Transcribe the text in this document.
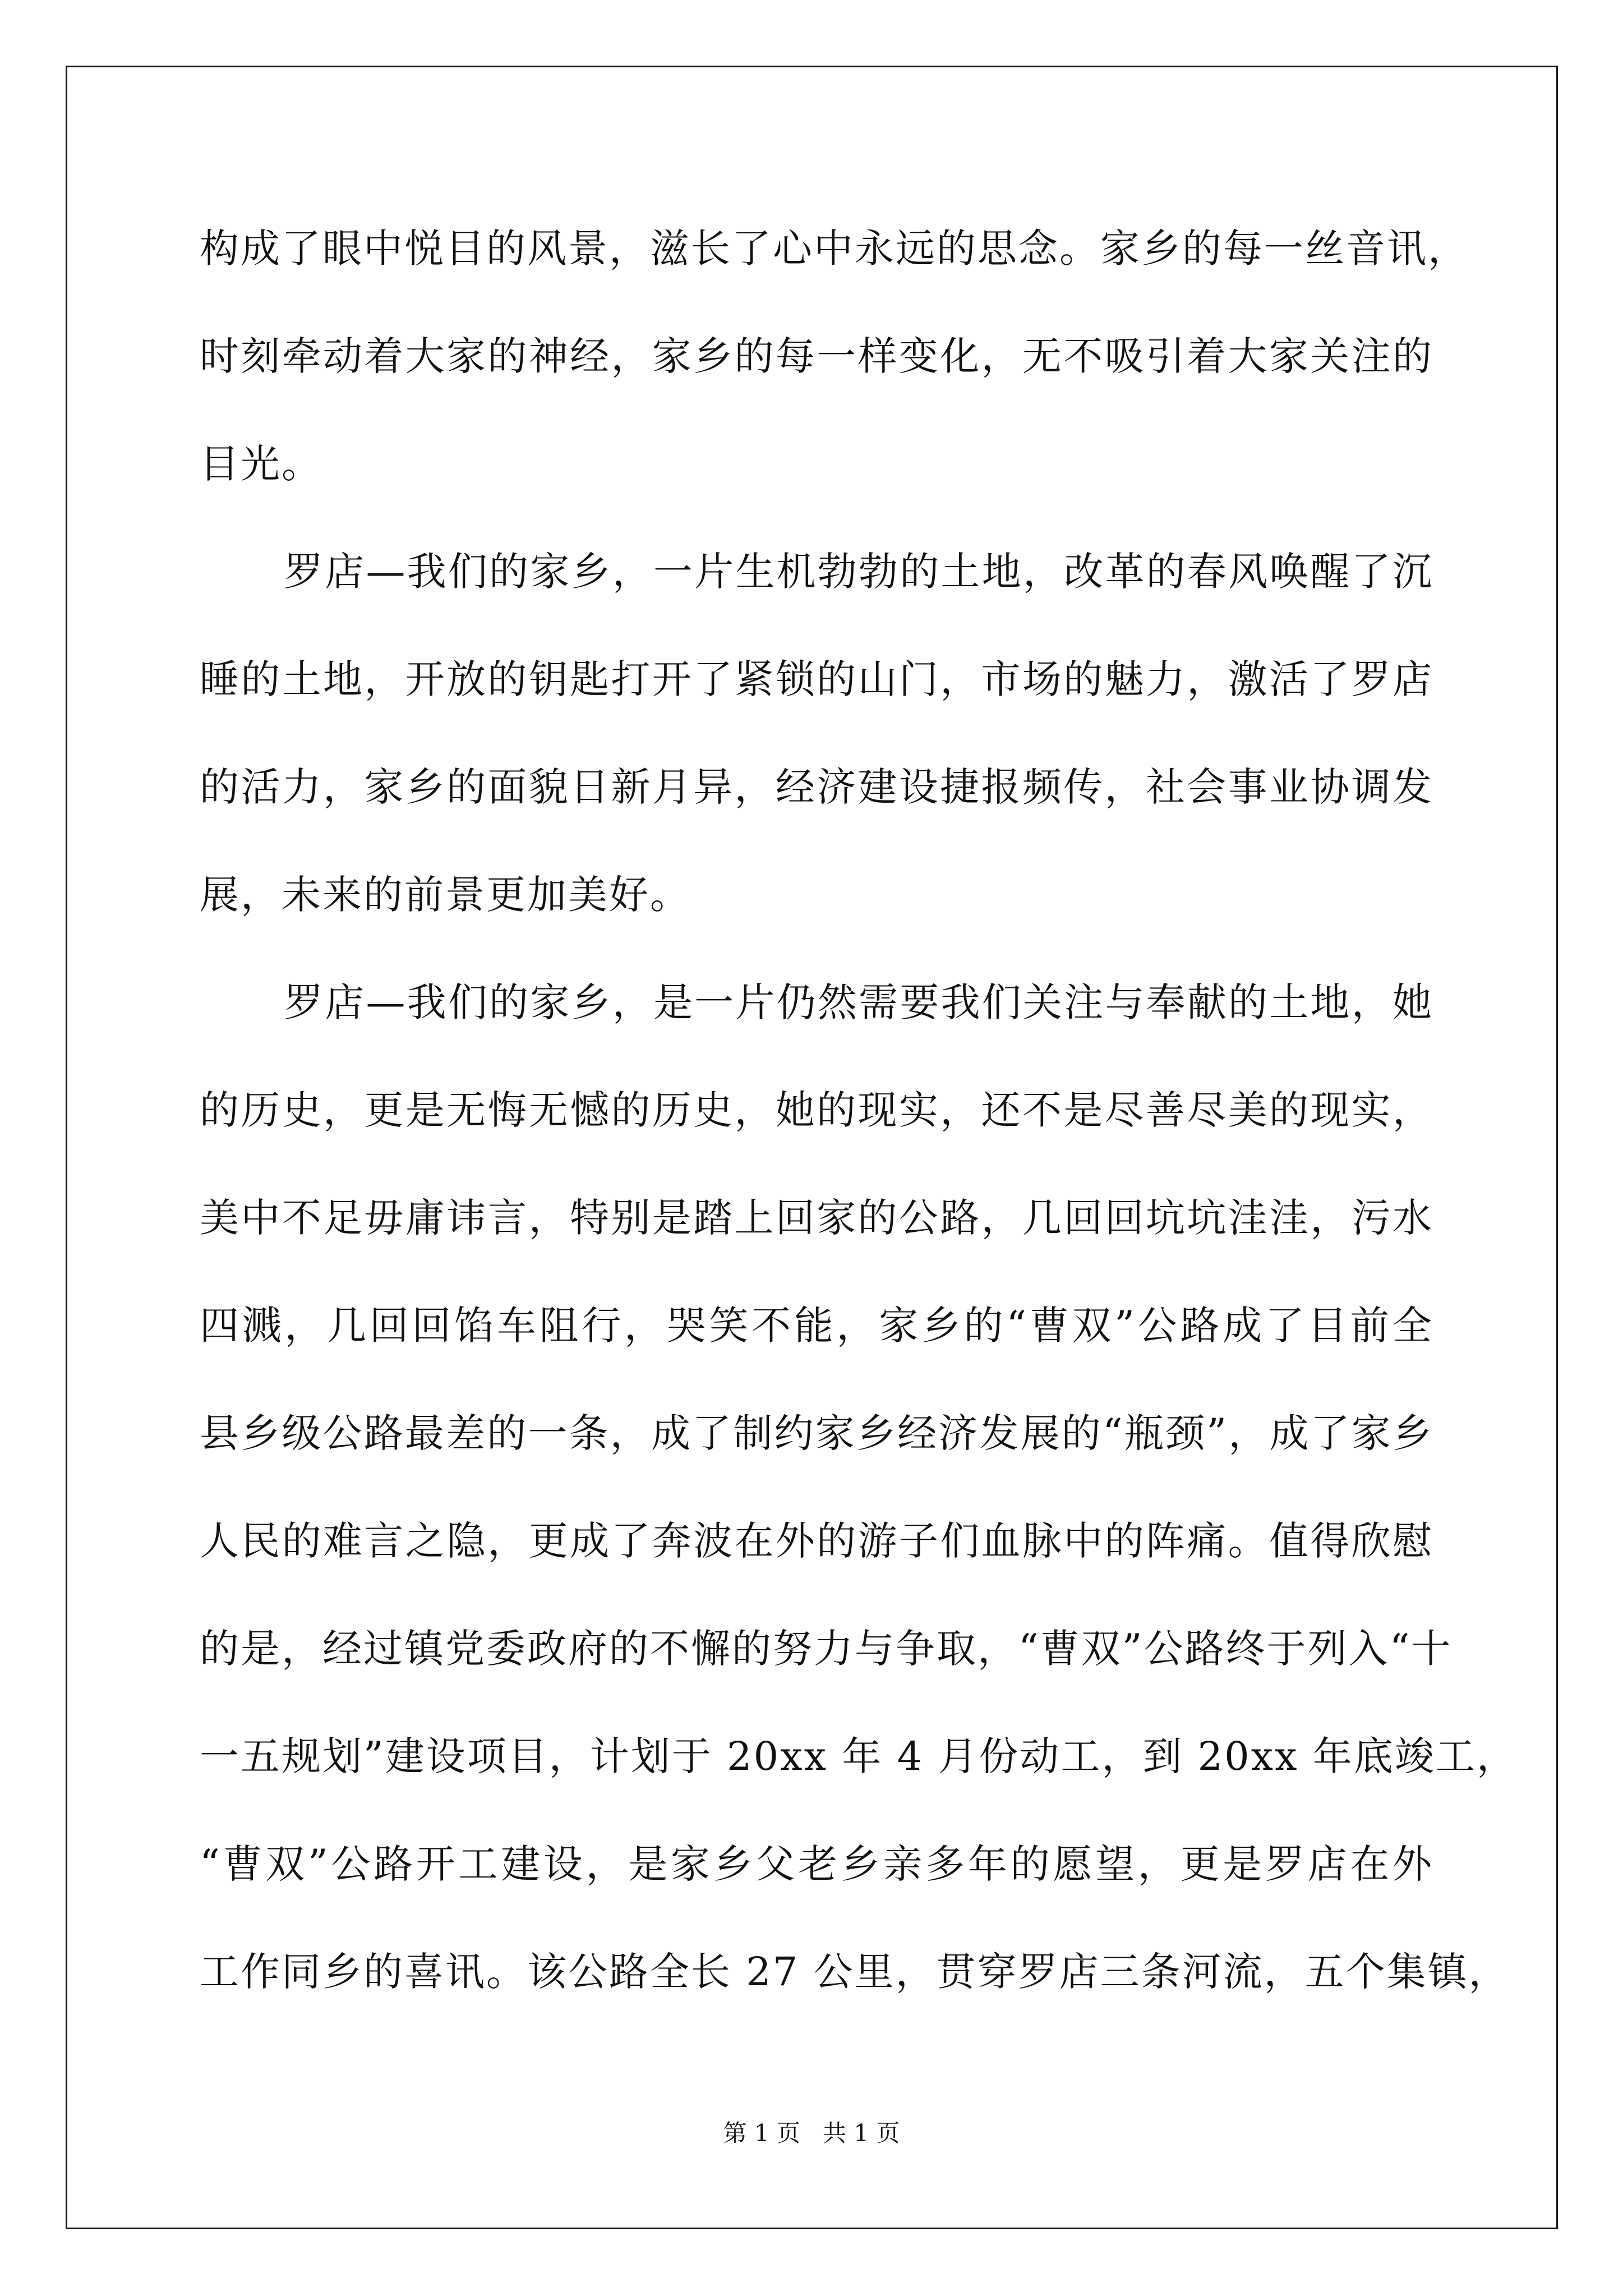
构成了眼中悦目的风景，滋长了心中永远的思念。家乡的每一丝音讯，
时刻牵动着大家的神经，家乡的每一样变化，无不吸引着大家关注的
目光。
罗店—我们的家乡，一片生机勃勃的土地，改革的春风唤醒了沉
睡的土地，开放的钥匙打开了紧锁的山门，市场的魅力，激活了罗店
的活力，家乡的面貌日新月异，经济建设捷报频传，社会事业协调发
展，未来的前景更加美好。
罗店—我们的家乡，是一片仍然需要我们关注与奉献的土地，她
的历史，更是无悔无憾的历史，她的现实，还不是尽善尽美的现实，
美中不足毋庸讳言，特别是踏上回家的公路，几回回坑坑洼洼，污水
四溅，几回回馅车阻行，哭笑不能，家乡的“曹双”公路成了目前全
县乡级公路最差的一条，成了制约家乡经济发展的“瓶颈”，成了家乡
人民的难言之隐，更成了奔波在外的游子们血脉中的阵痛。值得欣慰
的是，经过镇党委政府的不懈的努力与争取，“曹双”公路终于列入“十
一五规划”建设项目，计划于 20xx 年 4 月份动工，到 20xx 年底竣工，
“曹双”公路开工建设，是家乡父老乡亲多年的愿望，更是罗店在外
工作同乡的喜讯。该公路全长 27 公里，贯穿罗店三条河流，五个集镇，
第 1 页   共 1 页
